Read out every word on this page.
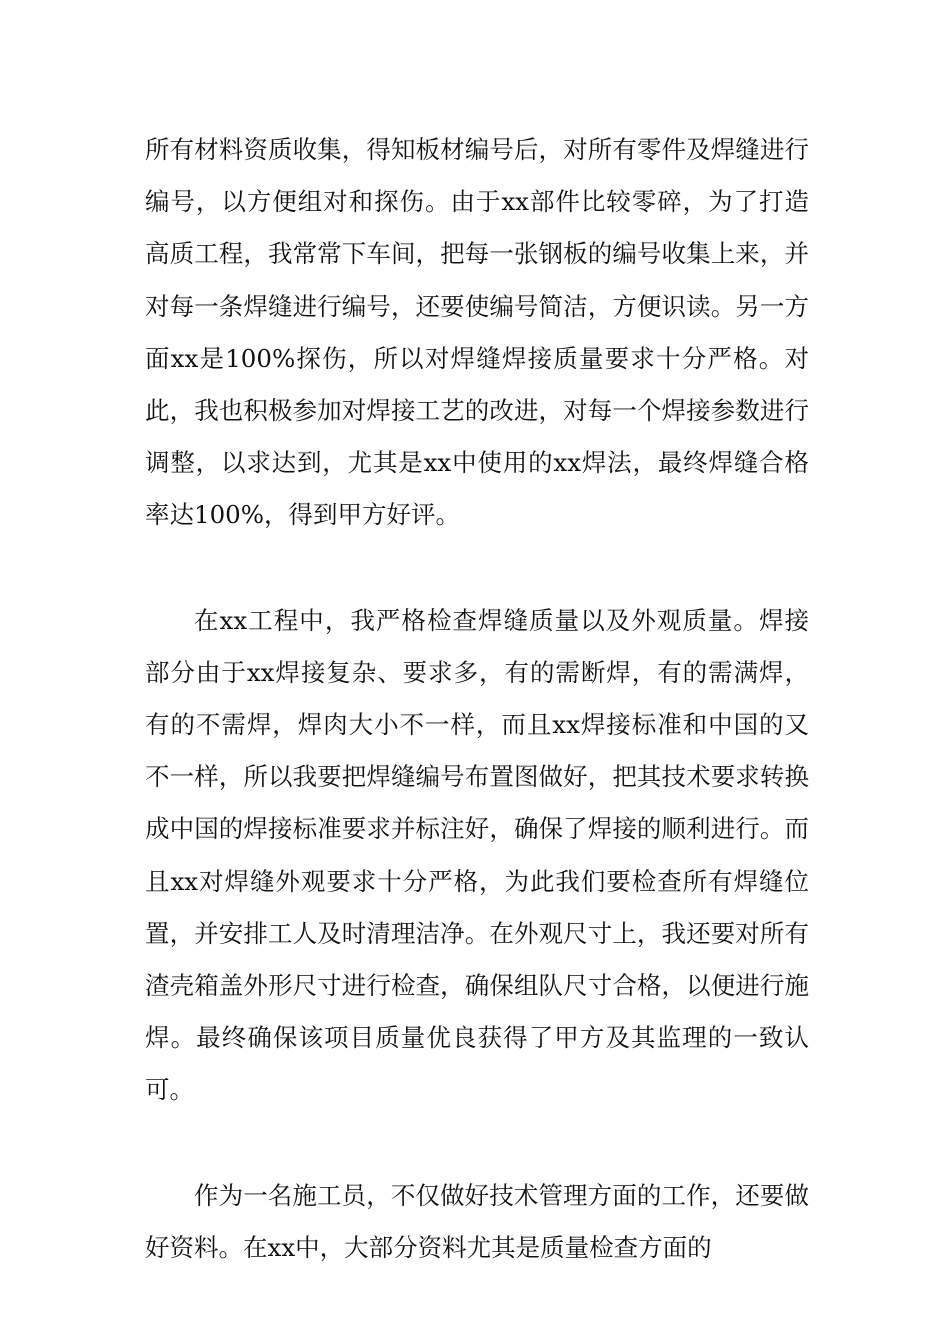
所有材料资质收集，得知板材编号后，对所有零件及焊缝进行编号，以方便组对和探伤。由于xx部件比较零碎，为了打造高质工程，我常常下车间，把每一张钢板的编号收集上来，并对每一条焊缝进行编号，还要使编号简洁，方便识读。另一方面xx是100%探伤，所以对焊缝焊接质量要求十分严格。对此，我也积极参加对焊接工艺的改进，对每一个焊接参数进行调整，以求达到，尤其是xx中使用的xx焊法，最终焊缝合格率达100%，得到甲方好评。

在xx工程中，我严格检查焊缝质量以及外观质量。焊接部分由于xx焊接复杂、要求多，有的需断焊，有的需满焊，有的不需焊，焊肉大小不一样，而且xx焊接标准和中国的又不一样，所以我要把焊缝编号布置图做好，把其技术要求转换成中国的焊接标准要求并标注好，确保了焊接的顺利进行。而且xx对焊缝外观要求十分严格，为此我们要检查所有焊缝位置，并安排工人及时清理洁净。在外观尺寸上，我还要对所有渣壳箱盖外形尺寸进行检查，确保组队尺寸合格，以便进行施焊。最终确保该项目质量优良获得了甲方及其监理的一致认可。

作为一名施工员，不仅做好技术管理方面的工作，还要做好资料。在xx中，大部分资料尤其是质量检查方面的
